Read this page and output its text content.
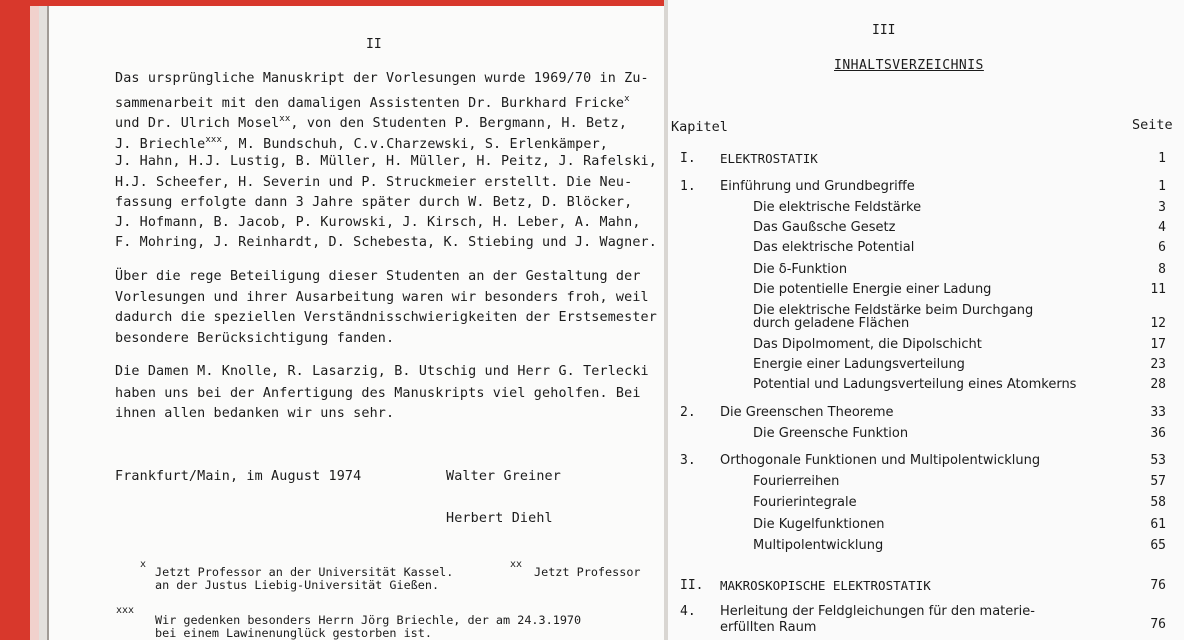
II
Das ursprüngliche Manuskript der Vorlesungen wurde 1969/70 in Zu-
sammenarbeit mit den damaligen Assistenten Dr. Burkhard Fricke$^x$
und Dr. Ulrich Mosel$^{xx}$, von den Studenten P. Bergmann, H. Betz,
J. Briechle$^{xxx}$, M. Bundschuh, C.v.Charzewski, S. Erlenkämper,
J. Hahn, H.J. Lustig, B. Müller, H. Müller, H. Peitz, J. Rafelski,
H.J. Scheefer, H. Severin und P. Struckmeier erstellt. Die Neu-
fassung erfolgte dann 3 Jahre später durch W. Betz, D. Blöcker,
J. Hofmann, B. Jacob, P. Kurowski, J. Kirsch, H. Leber, A. Mahn,
F. Mohring, J. Reinhardt, D. Schebesta, K. Stiebing und J. Wagner.
Über die rege Beteiligung dieser Studenten an der Gestaltung der
Vorlesungen und ihrer Ausarbeitung waren wir besonders froh, weil
dadurch die speziellen Verständnisschwierigkeiten der Erstsemester
besondere Berücksichtigung fanden.
Die Damen M. Knolle, R. Lasarzig, B. Utschig und Herr G. Terlecki
haben uns bei der Anfertigung des Manuskripts viel geholfen. Bei
ihnen allen bedanken wir uns sehr.
Frankfurt/Main, im August 1974	Walter Greiner
Herbert Diehl
x
Jetzt Professor an der Universität Kassel.
xx
Jetzt Professor
an der Justus Liebig-Universität Gießen.
xxx
Wir gedenken besonders Herrn Jörg Briechle, der am 24.3.1970
bei einem Lawinenunglück gestorben ist.
III
INHALTSVERZEICHNIS
Kapitel	Seite
I. ELEKTROSTATIK	1
1. Einführung und Grundbegriffe	1
Die elektrische Feldstärke	3
Das Gaußsche Gesetz	4
Das elektrische Potential	6
Die δ-Funktion	8
Die potentielle Energie einer Ladung	11
Die elektrische Feldstärke beim Durchgang
durch geladene Flächen	12
Das Dipolmoment, die Dipolschicht	17
Energie einer Ladungsverteilung	23
Potential und Ladungsverteilung eines Atomkerns	28
2. Die Greenschen Theoreme	33
Die Greensche Funktion	36
3. Orthogonale Funktionen und Multipolentwicklung	53
Fourierreihen	57
Fourierintegrale	58
Die Kugelfunktionen	61
Multipolentwicklung	65
II. MAKROSKOPISCHE ELEKTROSTATIK	76
4. Herleitung der Feldgleichungen für den materie-
erfüllten Raum	76
